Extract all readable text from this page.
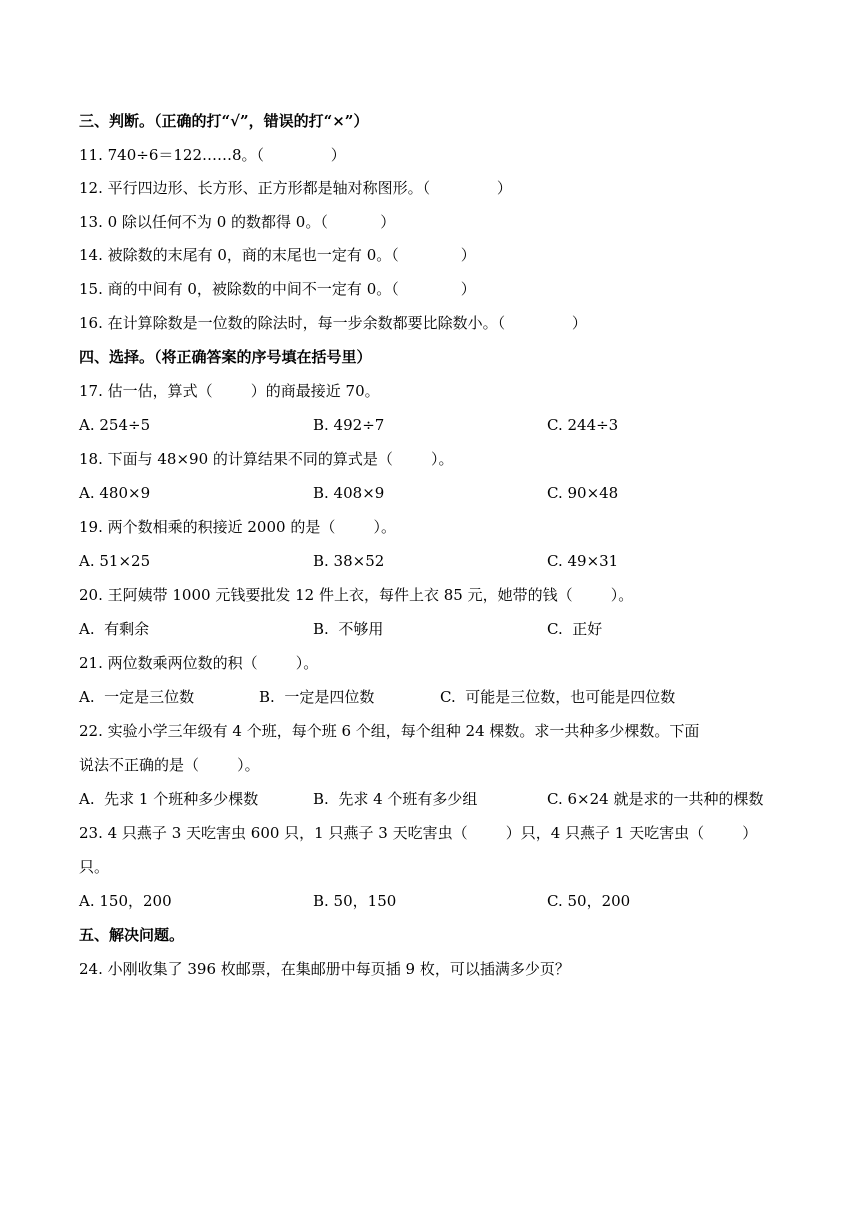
三、判断。（正确的打“√”，错误的打“×”）
11. 740÷6＝122……8。（              ）
12. 平行四边形、长方形、正方形都是轴对称图形。（              ）
13. 0 除以任何不为 0 的数都得 0。（           ）
14. 被除数的末尾有 0，商的末尾也一定有 0。（             ）
15. 商的中间有 0，被除数的中间不一定有 0。（             ）
16. 在计算除数是一位数的除法时，每一步余数都要比除数小。（              ）
四、选择。（将正确答案的序号填在括号里）
17. 估一估，算式（        ）的商最接近 70。
A. 254÷5	B. 492÷7	C. 244÷3
18. 下面与 48×90 的计算结果不同的算式是（        ）。
A. 480×9	B. 408×9	C. 90×48
19. 两个数相乘的积接近 2000 的是（        ）。
A. 51×25	B. 38×52	C. 49×31
20. 王阿姨带 1000 元钱要批发 12 件上衣，每件上衣 85 元，她带的钱（        ）。
A.  有剩余	B.  不够用	C.  正好
21. 两位数乘两位数的积（        ）。
A.  一定是三位数	B.  一定是四位数	C.  可能是三位数，也可能是四位数
22. 实验小学三年级有 4 个班，每个班 6 个组，每个组种 24 棵数。求一共种多少棵数。下面
说法不正确的是（        ）。
A.  先求 1 个班种多少棵数	B.  先求 4 个班有多少组	C. 6×24 就是求的一共种的棵数
23. 4 只燕子 3 天吃害虫 600 只，1 只燕子 3 天吃害虫（        ）只，4 只燕子 1 天吃害虫（        ）
只。
A. 150，200	B. 50，150	C. 50，200
五、解决问题。
24. 小刚收集了 396 枚邮票，在集邮册中每页插 9 枚，可以插满多少页？
